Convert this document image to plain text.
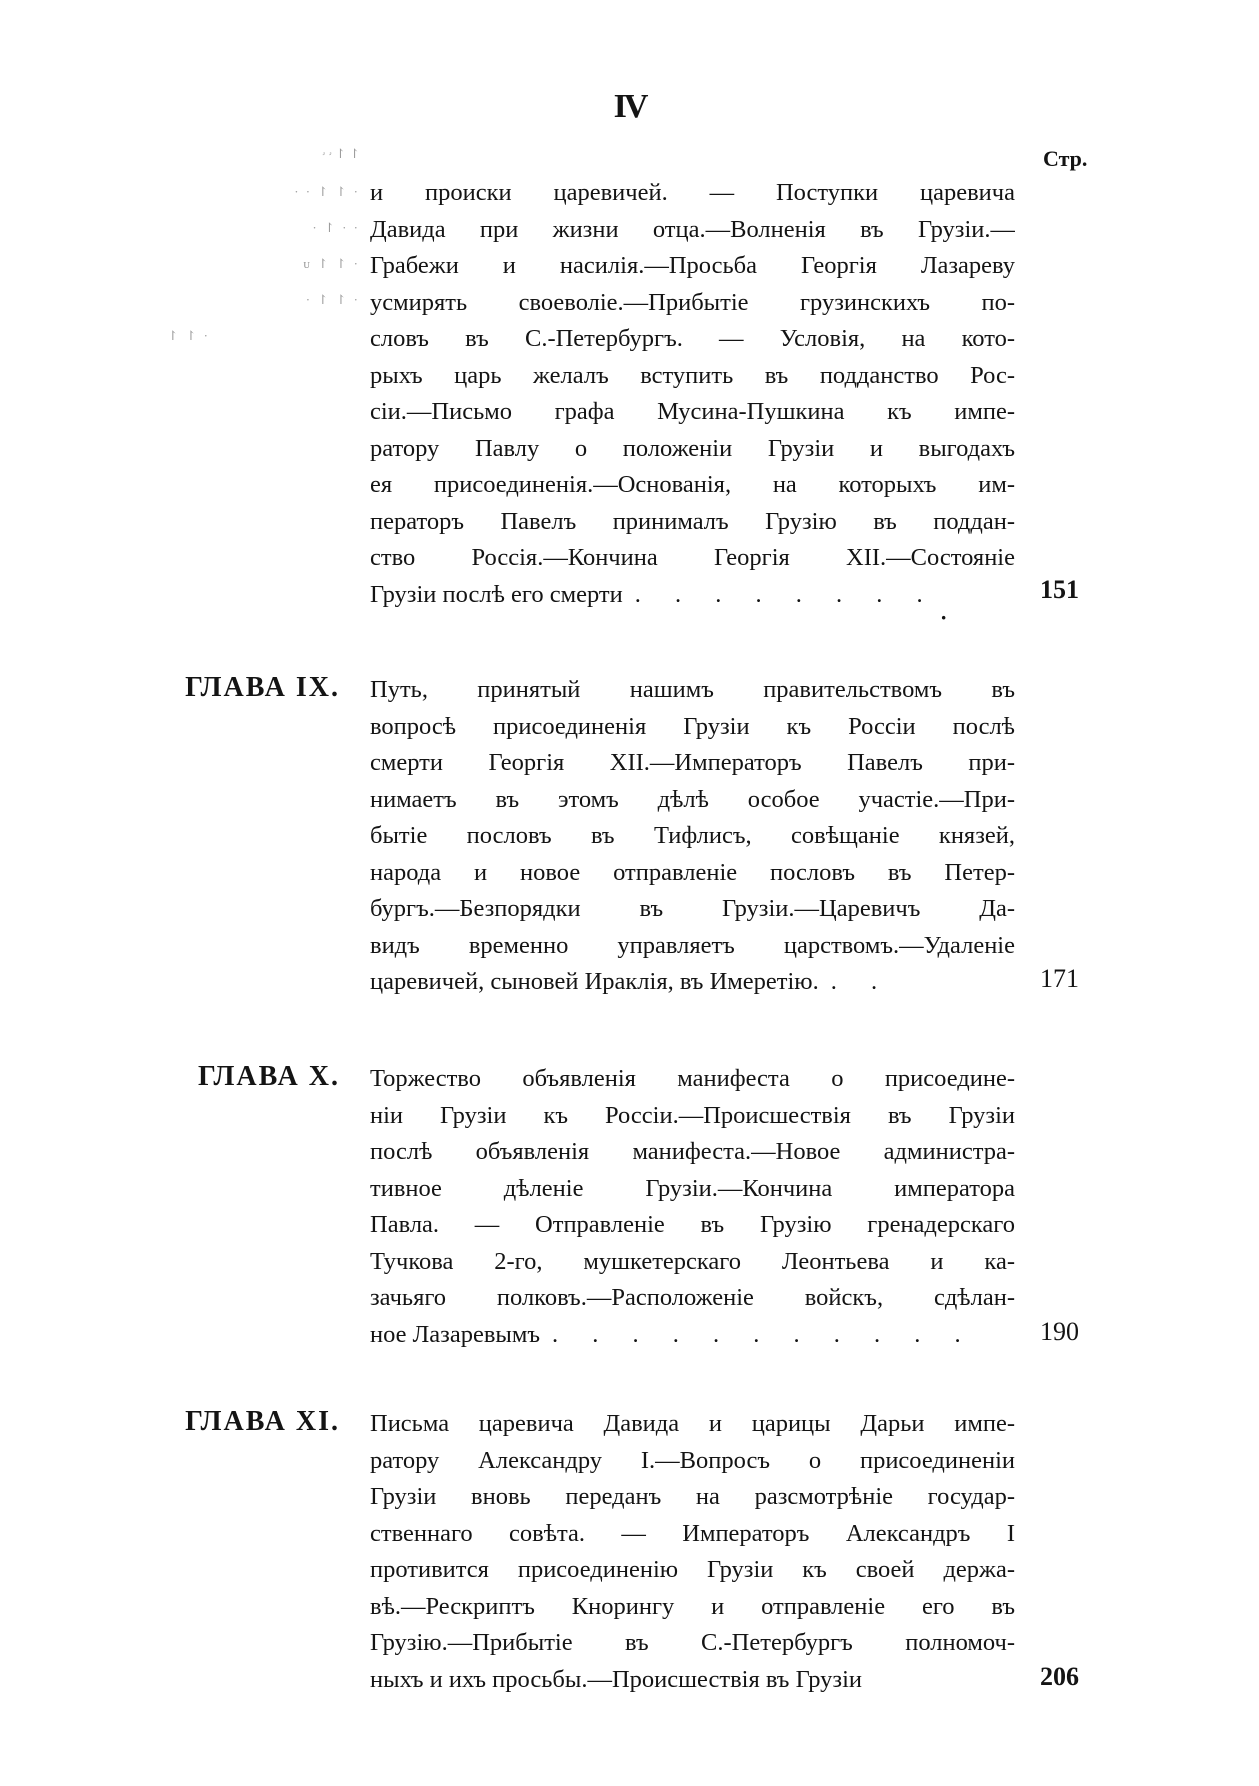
IV
Стр.
ۥ ۥ ↾ ↾
· · ↾ ↾ ·
· ↾ · ·
ᴜ ↾ ↾ ·
· ↾ ↾ ·
↾ ↾ ·
и происки царевичей. — Поступки царевича
Давида при жизни отца.—Волненія въ Грузіи.—
Грабежи и насилія.—Просьба Георгія Лазареву
усмирять своеволіе.—Прибытіе грузинскихъ по-
словъ въ С.-Петербургъ. — Условія, на кото-
рыхъ царь желалъ вступить въ подданство Рос-
сіи.—Письмо графа Мусина-Пушкина къ импе-
ратору Павлу о положеніи Грузіи и выгодахъ
ея присоединенія.—Основанія, на которыхъ им-
ператоръ Павелъ принималъ Грузію въ поддан-
ство Россія.—Кончина Георгія XII.—Состояніе
Грузіи послѣ его смерти . . . . . . . .	151
·
ГЛАВА IX. Путь, принятый нашимъ правительствомъ въ
вопросѣ присоединенія Грузіи къ Россіи послѣ
смерти Георгія XII.—Императоръ Павелъ при-
нимаетъ въ этомъ дѣлѣ особое участіе.—При-
бытіе пословъ въ Тифлисъ, совѣщаніе князей,
народа и новое отправленіе пословъ въ Петер-
бургъ.—Безпорядки въ Грузіи.—Царевичъ Да-
видъ временно управляетъ царствомъ.—Удаленіе
царевичей, сыновей Ираклія, въ Имеретію. . .	171
ГЛАВА X. Торжество объявленія манифеста о присоедине-
ніи Грузіи къ Россіи.—Происшествія въ Грузіи
послѣ объявленія манифеста.—Новое администра-
тивное дѣленіе Грузіи.—Кончина императора
Павла. — Отправленіе въ Грузію гренадерскаго
Тучкова 2-го, мушкетерскаго Леонтьева и ка-
зачьяго полковъ.—Расположеніе войскъ, сдѣлан-
ное Лазаревымъ . . . . . . . . . . .	190
ГЛАВА XI. Письма царевича Давида и царицы Дарьи импе-
ратору Александру I.—Вопросъ о присоединеніи
Грузіи вновь переданъ на разсмотрѣніе государ-
ственнаго совѣта. — Императоръ Александръ I
противится присоединенію Грузіи къ своей держа-
вѣ.—Рескриптъ Кнорингу и отправленіе его въ
Грузію.—Прибытіе въ С.-Петербургъ полномоч-
ныхъ и ихъ просьбы.—Происшествія въ Грузіи	206
